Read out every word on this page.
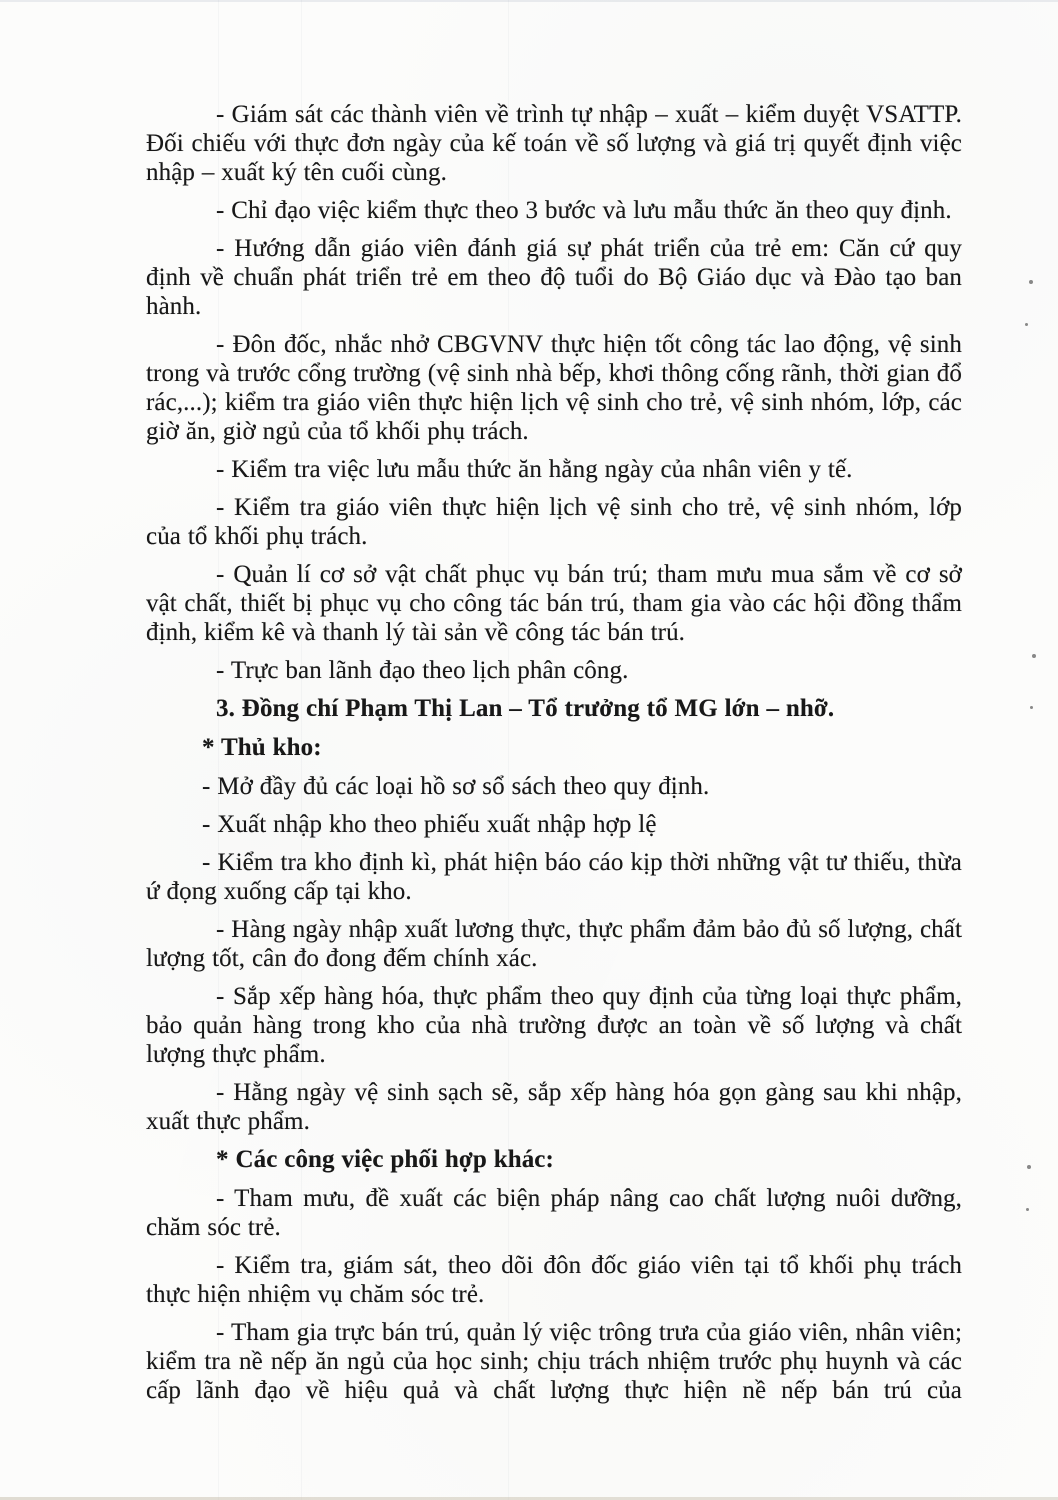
- Giám sát các thành viên về trình tự nhập – xuất – kiểm duyệt VSATTP. Đối chiếu với thực đơn ngày của kế toán về số lượng và giá trị quyết định việc nhập – xuất ký tên cuối cùng.

- Chỉ đạo việc kiểm thực theo 3 bước và lưu mẫu thức ăn theo quy định.

- Hướng dẫn giáo viên đánh giá sự phát triển của trẻ em: Căn cứ quy định về chuẩn phát triển trẻ em theo độ tuổi do Bộ Giáo dục và Đào tạo ban hành.

- Đôn đốc, nhắc nhở CBGVNV thực hiện tốt công tác lao động, vệ sinh trong và trước cổng trường (vệ sinh nhà bếp, khơi thông cống rãnh, thời gian đổ rác,...); kiểm tra giáo viên thực hiện lịch vệ sinh cho trẻ, vệ sinh nhóm, lớp, các giờ ăn, giờ ngủ của tổ khối phụ trách.

- Kiểm tra việc lưu mẫu thức ăn hằng ngày của nhân viên y tế.

- Kiểm tra giáo viên thực hiện lịch vệ sinh cho trẻ, vệ sinh nhóm, lớp của tổ khối phụ trách.

- Quản lí cơ sở vật chất phục vụ bán trú; tham mưu mua sắm về cơ sở vật chất, thiết bị phục vụ cho công tác bán trú, tham gia vào các hội đồng thẩm định, kiểm kê và thanh lý tài sản về công tác bán trú.

- Trực ban lãnh đạo theo lịch phân công.

3. Đồng chí Phạm Thị Lan – Tổ trưởng tổ MG lớn – nhỡ.

* Thủ kho:

- Mở đầy đủ các loại hồ sơ sổ sách theo quy định.

- Xuất nhập kho theo phiếu xuất nhập hợp lệ

- Kiểm tra kho định kì, phát hiện báo cáo kịp thời những vật tư thiếu, thừa ứ đọng xuống cấp tại kho.

- Hàng ngày nhập xuất lương thực, thực phẩm đảm bảo đủ số lượng, chất lượng tốt, cân đo đong đếm chính xác.

- Sắp xếp hàng hóa, thực phẩm theo quy định của từng loại thực phẩm, bảo quản hàng trong kho của nhà trường được an toàn về số lượng và chất lượng thực phẩm.

- Hằng ngày vệ sinh sạch sẽ, sắp xếp hàng hóa gọn gàng sau khi nhập, xuất thực phẩm.

* Các công việc phối hợp khác:

- Tham mưu, đề xuất các biện pháp nâng cao chất lượng nuôi dưỡng, chăm sóc trẻ.

- Kiểm tra, giám sát, theo dõi đôn đốc giáo viên tại tổ khối phụ trách thực hiện nhiệm vụ chăm sóc trẻ.

- Tham gia trực bán trú, quản lý việc trông trưa của giáo viên, nhân viên; kiểm tra nề nếp ăn ngủ của học sinh; chịu trách nhiệm trước phụ huynh và các cấp lãnh đạo về hiệu quả và chất lượng thực hiện nề nếp bán trú của
